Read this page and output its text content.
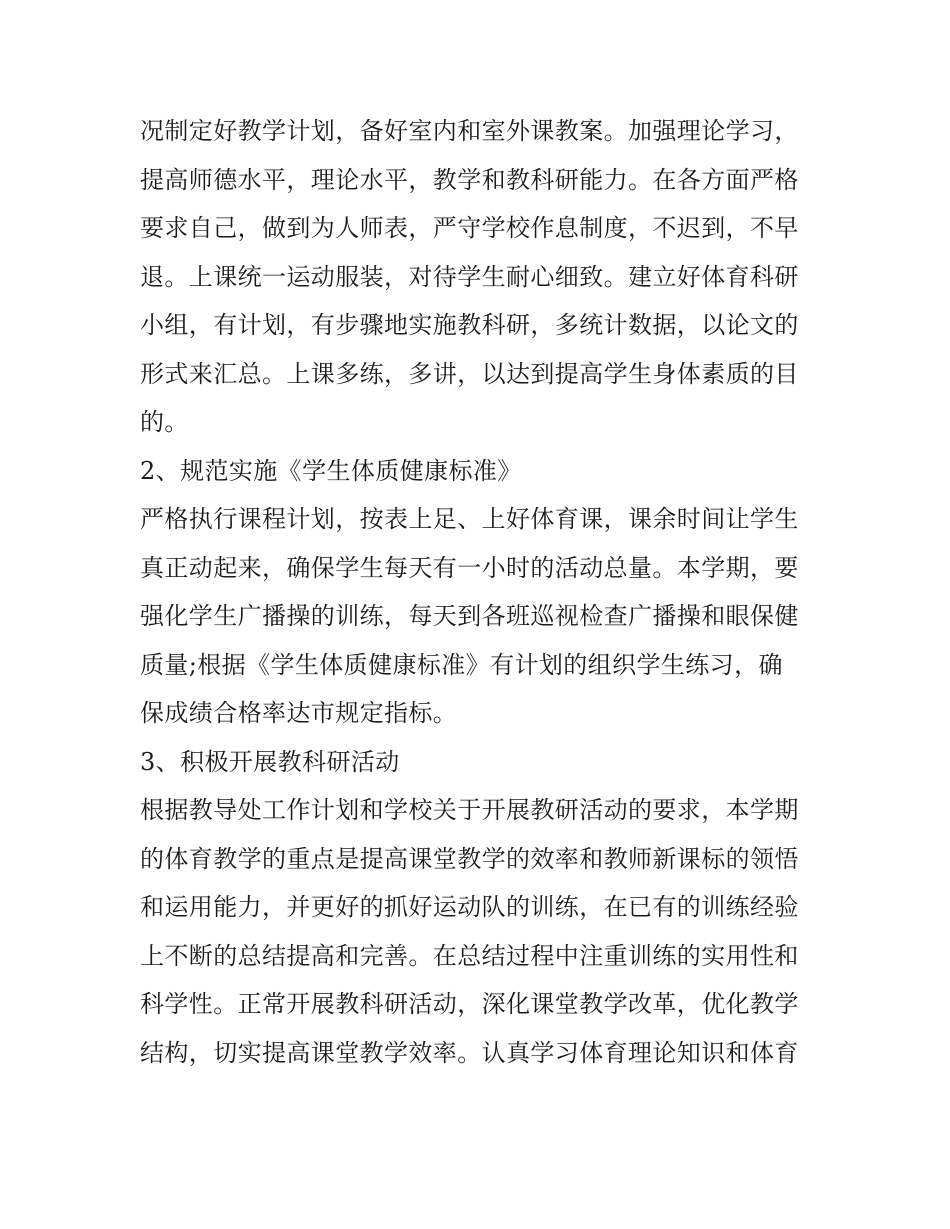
况制定好教学计划，备好室内和室外课教案。加强理论学习，
提高师德水平，理论水平，教学和教科研能力。在各方面严格
要求自己，做到为人师表，严守学校作息制度，不迟到，不早
退。上课统一运动服装，对待学生耐心细致。建立好体育科研
小组，有计划，有步骤地实施教科研，多统计数据，以论文的
形式来汇总。上课多练，多讲，以达到提高学生身体素质的目
的。
2、规范实施《学生体质健康标准》
严格执行课程计划，按表上足、上好体育课，课余时间让学生
真正动起来，确保学生每天有一小时的活动总量。本学期，要
强化学生广播操的训练，每天到各班巡视检查广播操和眼保健
质量;根据《学生体质健康标准》有计划的组织学生练习，确
保成绩合格率达市规定指标。
3、积极开展教科研活动
根据教导处工作计划和学校关于开展教研活动的要求，本学期
的体育教学的重点是提高课堂教学的效率和教师新课标的领悟
和运用能力，并更好的抓好运动队的训练，在已有的训练经验
上不断的总结提高和完善。在总结过程中注重训练的实用性和
科学性。正常开展教科研活动，深化课堂教学改革，优化教学
结构，切实提高课堂教学效率。认真学习体育理论知识和体育
